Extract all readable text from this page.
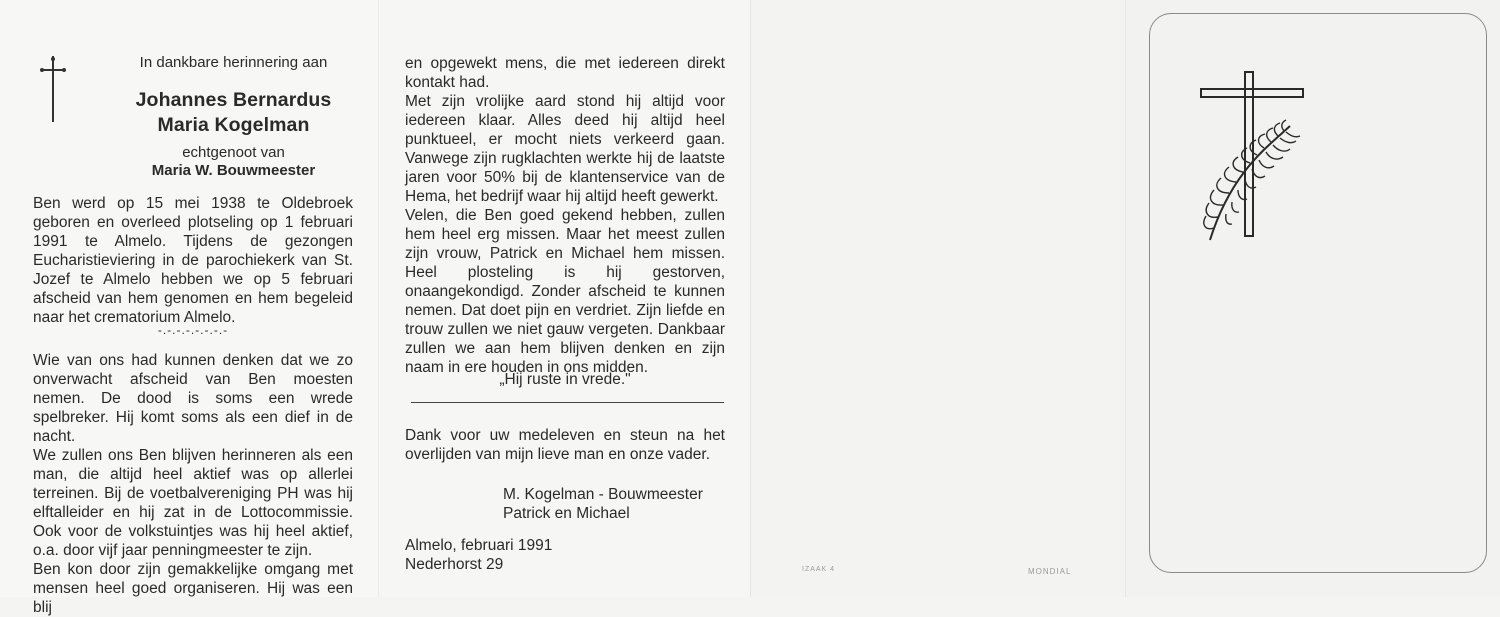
In dankbare herinnering aan
Johannes Bernardus
Maria Kogelman
echtgenoot van
Maria W. Bouwmeester
Ben werd op 15 mei 1938 te Oldebroek geboren en overleed plotseling op 1 februari 1991 te Almelo. Tijdens de gezongen Eucharistieviering in de parochiekerk van St. Jozef te Almelo hebben we op 5 februari afscheid van hem genomen en hem begeleid naar het crematorium Almelo.
-.-.-.-.-.-.-.-
Wie van ons had kunnen denken dat we zo onverwacht afscheid van Ben moesten nemen. De dood is soms een wrede spelbreker. Hij komt soms als een dief in de nacht.
We zullen ons Ben blijven herinneren als een man, die altijd heel aktief was op allerlei terreinen. Bij de voetbalvereniging PH was hij elftalleider en hij zat in de Lottocommissie. Ook voor de volkstuintjes was hij heel aktief, o.a. door vijf jaar penningmeester te zijn.
Ben kon door zijn gemakkelijke omgang met mensen heel goed organiseren. Hij was een blij
en opgewekt mens, die met iedereen direkt kontakt had.
Met zijn vrolijke aard stond hij altijd voor iedereen klaar. Alles deed hij altijd heel punktueel, er mocht niets verkeerd gaan. Vanwege zijn rugklachten werkte hij de laatste jaren voor 50% bij de klantenservice van de Hema, het bedrijf waar hij altijd heeft gewerkt.
Velen, die Ben goed gekend hebben, zullen hem heel erg missen. Maar het meest zullen zijn vrouw, Patrick en Michael hem missen. Heel plosteling is hij gestorven, onaangekondigd. Zonder afscheid te kunnen nemen. Dat doet pijn en verdriet. Zijn liefde en trouw zullen we niet gauw vergeten. Dankbaar zullen we aan hem blijven denken en zijn naam in ere houden in ons midden.
„Hij ruste in vrede."
Dank voor uw medeleven en steun na het overlijden van mijn lieve man en onze vader.
M. Kogelman - Bouwmeester
Patrick en Michael
Almelo, februari 1991
Nederhorst 29	IZAAK 4	MONDIAL
